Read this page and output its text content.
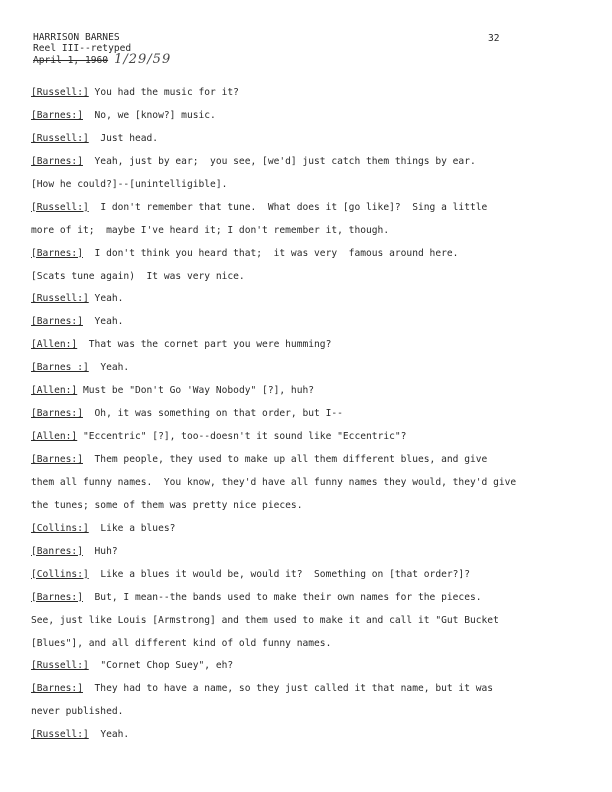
HARRISON BARNES
Reel III--retyped
April 1, 1960 1/29/59
32
[Russell:] You had the music for it?
[Barnes:]  No, we [know?] music.
[Russell:]  Just head.
[Barnes:]  Yeah, just by ear;  you see, [we'd] just catch them things by ear.
[How he could?]--[unintelligible].
[Russell:]  I don't remember that tune.  What does it [go like]?  Sing a little
more of it;  maybe I've heard it; I don't remember it, though.
[Barnes:]  I don't think you heard that;  it was very  famous around here.
[Scats tune again)  It was very nice.
[Russell:] Yeah.
[Barnes:]  Yeah.
[Allen:]  That was the cornet part you were humming?
[Barnes :]  Yeah.
[Allen:] Must be "Don't Go 'Way Nobody" [?], huh?
[Barnes:]  Oh, it was something on that order, but I--
[Allen:] "Eccentric" [?], too--doesn't it sound like "Eccentric"?
[Barnes:]  Them people, they used to make up all them different blues, and give
them all funny names.  You know, they'd have all funny names they would, they'd give
the tunes; some of them was pretty nice pieces.
[Collins:]  Like a blues?
[Banres:]  Huh?
[Collins:]  Like a blues it would be, would it?  Something on [that order?]?
[Barnes:]  But, I mean--the bands used to make their own names for the pieces.
See, just like Louis [Armstrong] and them used to make it and call it "Gut Bucket
[Blues"], and all different kind of old funny names.
[Russell:]  "Cornet Chop Suey", eh?
[Barnes:]  They had to have a name, so they just called it that name, but it was
never published.
[Russell:]  Yeah.
